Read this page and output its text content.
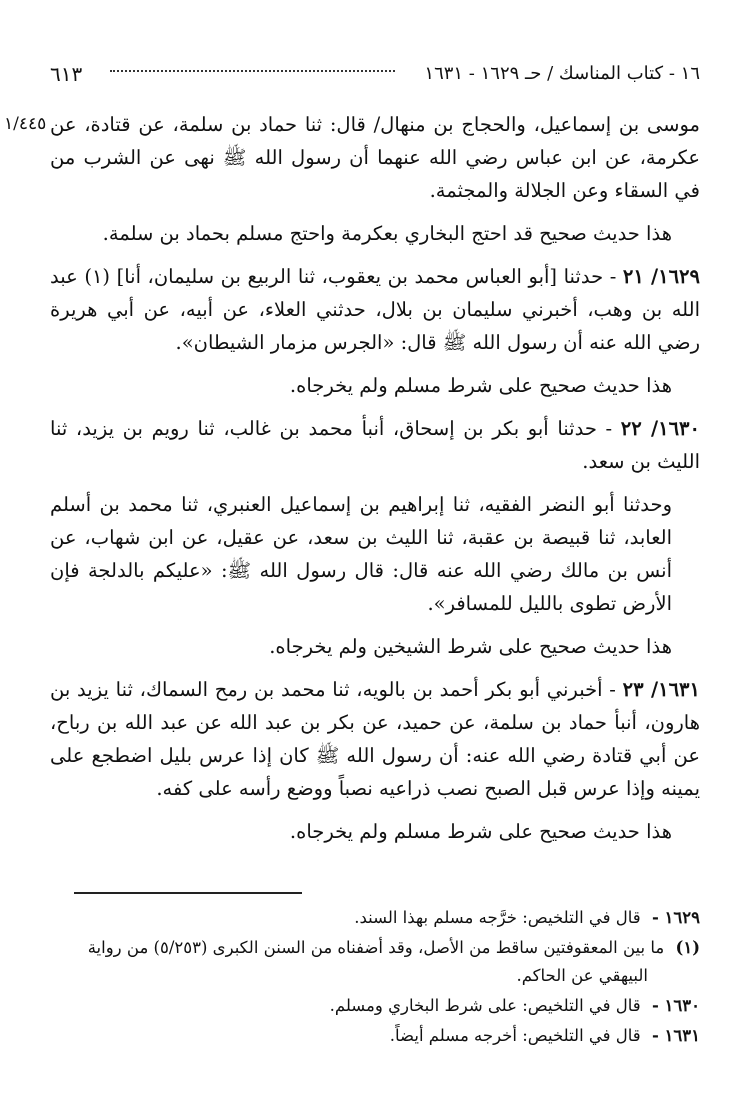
١٦ - كتاب المناسك / حـ ١٦٢٩ - ١٦٣١
٦١٣
١/٤٤٥ موسى بن إسماعيل، والحجاج بن منهال/ قال: ثنا حماد بن سلمة، عن قتادة، عن عكرمة، عن ابن عباس رضي الله عنهما أن رسول الله ﷺ نهى عن الشرب من في السقاء وعن الجلالة والمجثمة.

هذا حديث صحيح قد احتج البخاري بعكرمة واحتج مسلم بحماد بن سلمة.

١٦٢٩/ ٢١ - حدثنا [أبو العباس محمد بن يعقوب، ثنا الربيع بن سليمان، أنا] (١) عبد الله بن وهب، أخبرني سليمان بن بلال، حدثني العلاء، عن أبيه، عن أبي هريرة رضي الله عنه أن رسول الله ﷺ قال: «الجرس مزمار الشيطان».

هذا حديث صحيح على شرط مسلم ولم يخرجاه.

١٦٣٠/ ٢٢ - حدثنا أبو بكر بن إسحاق، أنبأ محمد بن غالب، ثنا رويم بن يزيد، ثنا الليث بن سعد.

وحدثنا أبو النضر الفقيه، ثنا إبراهيم بن إسماعيل العنبري، ثنا محمد بن أسلم العابد، ثنا قبيصة بن عقبة، ثنا الليث بن سعد، عن عقيل، عن ابن شهاب، عن أنس بن مالك رضي الله عنه قال: قال رسول الله ﷺ: «عليكم بالدلجة فإن الأرض تطوى بالليل للمسافر».

هذا حديث صحيح على شرط الشيخين ولم يخرجاه.

١٦٣١/ ٢٣ - أخبرني أبو بكر أحمد بن بالويه، ثنا محمد بن رمح السماك، ثنا يزيد بن هارون، أنبأ حماد بن سلمة، عن حميد، عن بكر بن عبد الله عن عبد الله بن رباح، عن أبي قتادة رضي الله عنه: أن رسول الله ﷺ كان إذا عرس بليل اضطجع على يمينه وإذا عرس قبل الصبح نصب ذراعيه نصباً ووضع رأسه على كفه.

هذا حديث صحيح على شرط مسلم ولم يخرجاه.

١٦٢٩ - قال في التلخيص: خرَّجه مسلم بهذا السند.

(١) ما بين المعقوفتين ساقط من الأصل، وقد أضفناه من السنن الكبرى (٥/٢٥٣) من رواية البيهقي عن الحاكم.

١٦٣٠ - قال في التلخيص: على شرط البخاري ومسلم.

١٦٣١ - قال في التلخيص: أخرجه مسلم أيضاً.
